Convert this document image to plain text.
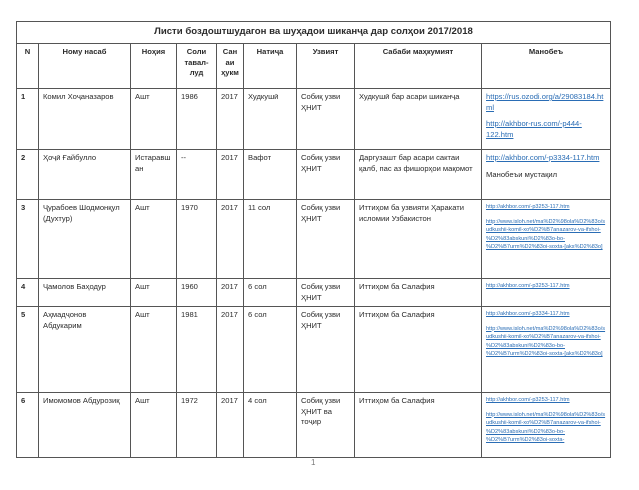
Листи боздоштшудагон ва шуҳадои шиканҷа дар солҳои 2017/2018								
N	Ному насаб	Ноҳия	Соли тавал-луд	Санаи ҳукм	Натиҷа	Узвият	Сабаби маҳкумият	Манобеъ
1	Комил Хоҷаназаров	Ашт	1986	2017	Худкушӣ	Собиқ узви ҲНИТ	Худкушӣ бар асари шиканҷа	https://rus.ozodi.org/a/29083184.html
http://akhbor-rus.com/-p444-122.htm

2	Ҳоҷӣ Ғайбулло	Истаравшан	--	2017	Вафот	Собиқ узви ҲНИТ	Даргузашт бар асари сактаи қалб, пас аз фишорҳои мақомот	http://akhbor.com/-p3334-117.htm
Манобеъи мустақил

3	Ҷурабоев Шодмонқул (Духтур)	Ашт	1970	2017	11 сол	Собиқ узви ҲНИТ	Иттиҳом ба узвияти Ҳаракати исломии Узбакистон	http://akhbor.com/-p3253-117.htm
http://www.isloh.net/ma%D2%98ola%D2%83o/sudkushii-komil-xo%D2%B7anazarov-va-ifshoi-%D2%83abskuni%D2%83o-bo-%D2%B7urm%D2%83oi-soxta-[aks%D2%83o]

4	Ҷамолов Баҳодур	Ашт	1960	2017	6 сол	Собиқ узви ҲНИТ	Иттиҳом ба Салафия	http://akhbor.com/-p3253-117.htm

5	Аҳмадҷонов Абдукарим	Ашт	1981	2017	6 сол	Собиқ узви ҲНИТ	Иттиҳом ба Салафия	http://akhbor.com/-p3334-117.htm
http://www.isloh.net/ma%D2%98ola%D2%83o/sudkushii-komil-xo%D2%B7anazarov-va-ifshoi-%D2%83abskuni%D2%83o-bo-%D2%B7urm%D2%83oi-soxta-[aks%D2%83o]

6	Имомомов Абдурозиқ	Ашт	1972	2017	4 сол	Собиқ узви ҲНИТ ва тоҷир	Иттиҳом ба Салафия	http://akhbor.com/-p3253-117.htm
http://www.isloh.net/ma%D2%98ola%D2%83o/sudkushii-komil-xo%D2%B7anazarov-va-ifshoi-%D2%83abskuni%D2%83o-bo-%D2%B7urm%D2%83oi-soxta-
1
